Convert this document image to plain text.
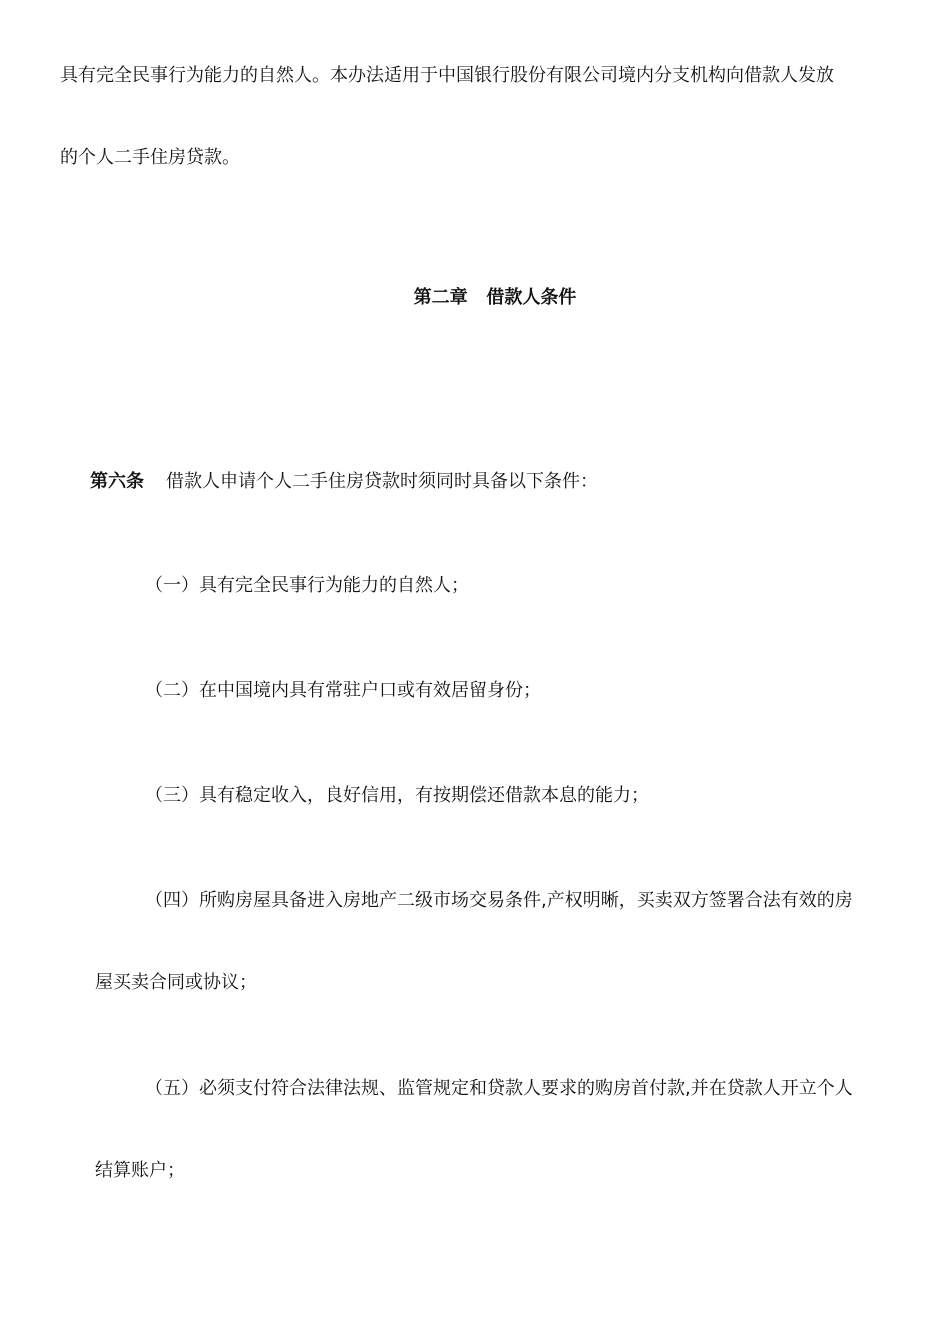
具有完全民事行为能力的自然人。本办法适用于中国银行股份有限公司境内分支机构向借款人发放
的个人二手住房贷款。
第二章   借款人条件
第六条 借款人申请个人二手住房贷款时须同时具备以下条件：
（一）具有完全民事行为能力的自然人；
（二）在中国境内具有常驻户口或有效居留身份；
（三）具有稳定收入，良好信用，有按期偿还借款本息的能力；
（四）所购房屋具备进入房地产二级市场交易条件,产权明晰，买卖双方签署合法有效的房
屋买卖合同或协议；
（五）必须支付符合法律法规、监管规定和贷款人要求的购房首付款,并在贷款人开立个人
结算账户；
